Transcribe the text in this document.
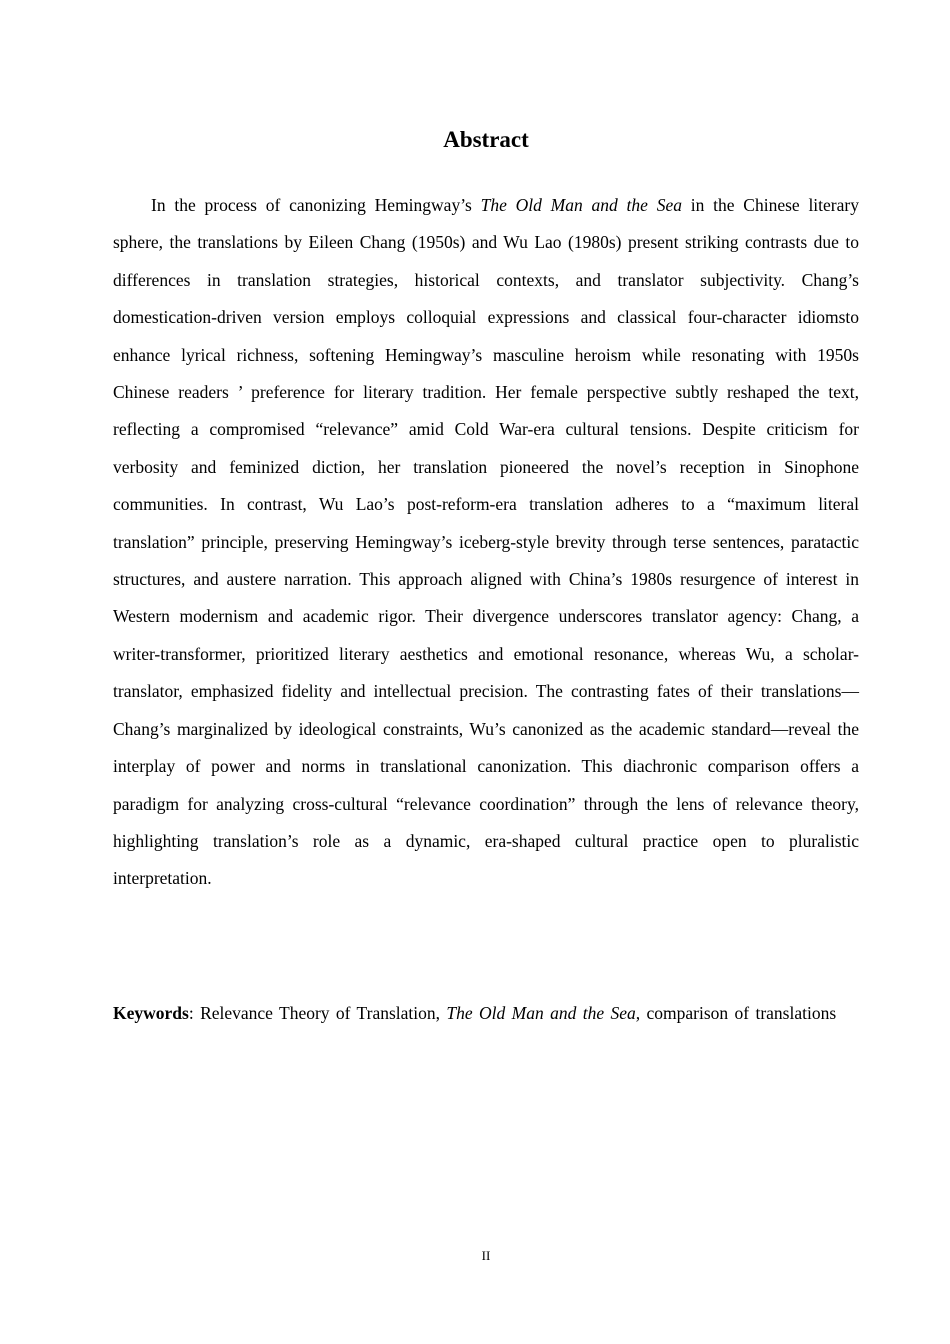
Abstract

In the process of canonizing Hemingway’s The Old Man and the Sea in the Chinese literary sphere, the translations by Eileen Chang (1950s) and Wu Lao (1980s) present striking contrasts due to differences in translation strategies, historical contexts, and translator subjectivity. Chang’s domestication-driven version employs colloquial expressions and classical four-character idiomsto enhance lyrical richness, softening Hemingway’s masculine heroism while resonating with 1950s Chinese readers ’ preference for literary tradition. Her female perspective subtly reshaped the text, reflecting a compromised “relevance” amid Cold War-era cultural tensions. Despite criticism for verbosity and feminized diction, her translation pioneered the novel’s reception in Sinophone communities. In contrast, Wu Lao’s post-reform-era translation adheres to a “maximum literal translation” principle, preserving Hemingway’s iceberg-style brevity through terse sentences, paratactic structures, and austere narration. This approach aligned with China’s 1980s resurgence of interest in Western modernism and academic rigor. Their divergence underscores translator agency: Chang, a writer-transformer, prioritized literary aesthetics and emotional resonance, whereas Wu, a scholar-translator, emphasized fidelity and intellectual precision. The contrasting fates of their translations—Chang’s marginalized by ideological constraints, Wu’s canonized as the academic standard—reveal the interplay of power and norms in translational canonization. This diachronic comparison offers a paradigm for analyzing cross-cultural “relevance coordination” through the lens of relevance theory, highlighting translation’s role as a dynamic, era-shaped cultural practice open to pluralistic interpretation.

Keywords: Relevance Theory of Translation, The Old Man and the Sea, comparison of translations

II
